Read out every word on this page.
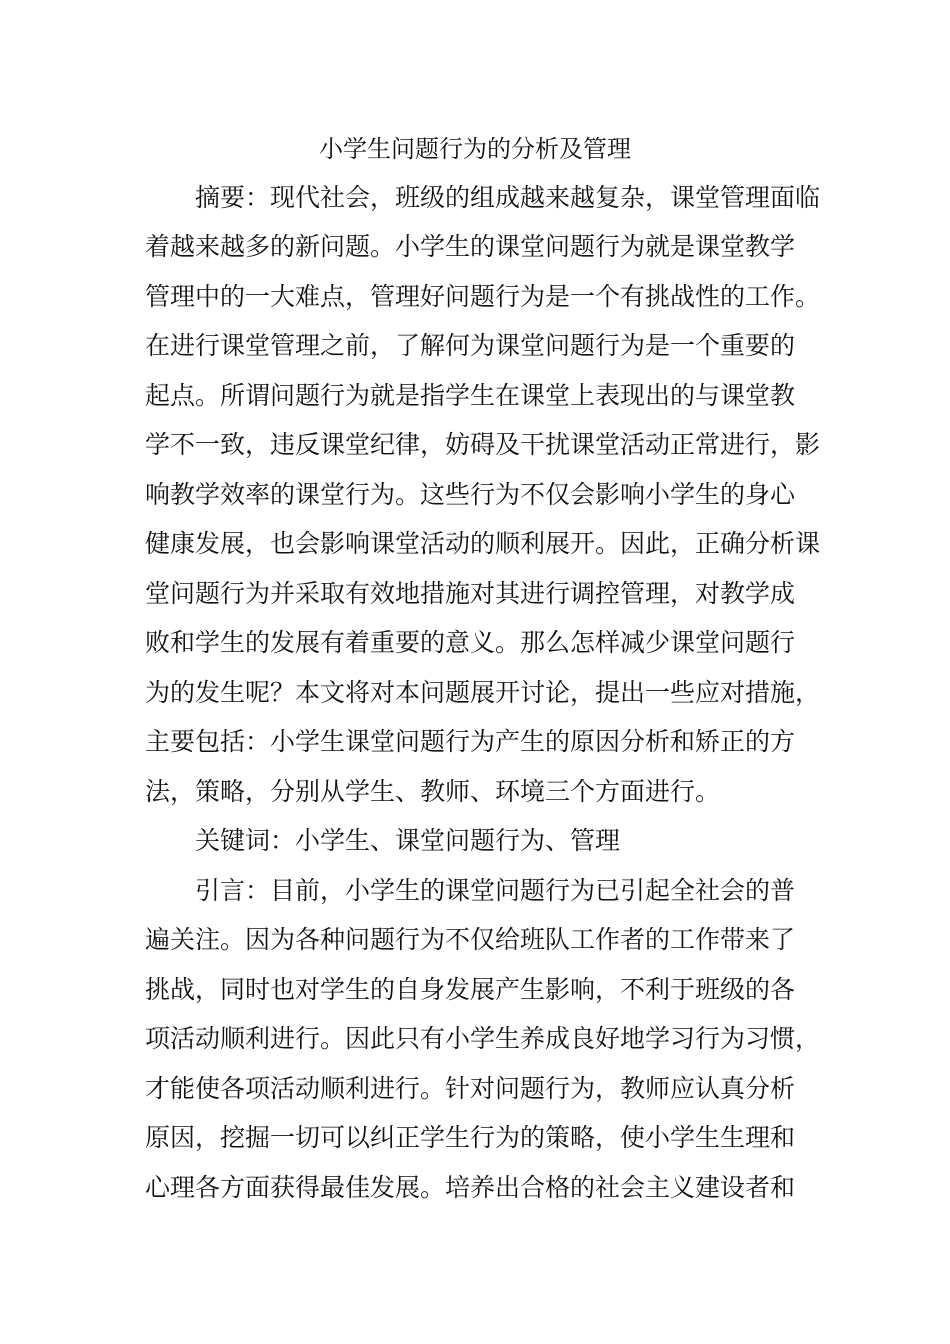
小学生问题行为的分析及管理
摘要：现代社会，班级的组成越来越复杂，课堂管理面临
着越来越多的新问题。小学生的课堂问题行为就是课堂教学
管理中的一大难点，管理好问题行为是一个有挑战性的工作。
在进行课堂管理之前，了解何为课堂问题行为是一个重要的
起点。所谓问题行为就是指学生在课堂上表现出的与课堂教
学不一致，违反课堂纪律，妨碍及干扰课堂活动正常进行，影
响教学效率的课堂行为。这些行为不仅会影响小学生的身心
健康发展，也会影响课堂活动的顺利展开。因此，正确分析课
堂问题行为并采取有效地措施对其进行调控管理，对教学成
败和学生的发展有着重要的意义。那么怎样减少课堂问题行
为的发生呢？本文将对本问题展开讨论，提出一些应对措施，
主要包括：小学生课堂问题行为产生的原因分析和矫正的方
法，策略，分别从学生、教师、环境三个方面进行。
关键词：小学生、课堂问题行为、管理
引言：目前，小学生的课堂问题行为已引起全社会的普
遍关注。因为各种问题行为不仅给班队工作者的工作带来了
挑战，同时也对学生的自身发展产生影响，不利于班级的各
项活动顺利进行。因此只有小学生养成良好地学习行为习惯，
才能使各项活动顺利进行。针对问题行为，教师应认真分析
原因，挖掘一切可以纠正学生行为的策略，使小学生生理和
心理各方面获得最佳发展。培养出合格的社会主义建设者和
